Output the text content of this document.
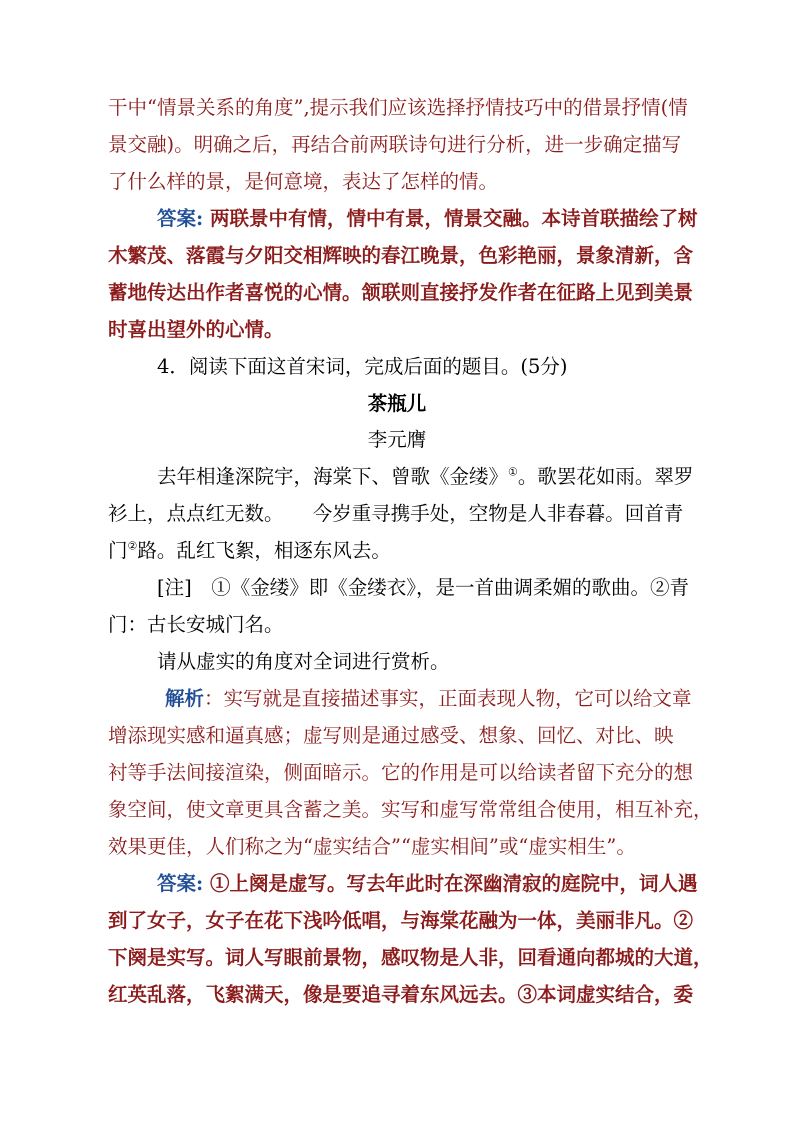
干中“情景关系的角度”,提示我们应该选择抒情技巧中的借景抒情(情
景交融)。明确之后，再结合前两联诗句进行分析，进一步确定描写
了什么样的景，是何意境，表达了怎样的情。
答案: 两联景中有情，情中有景，情景交融。本诗首联描绘了树
木繁茂、落霞与夕阳交相辉映的春江晚景，色彩艳丽，景象清新，含
蓄地传达出作者喜悦的心情。颔联则直接抒发作者在征路上见到美景
时喜出望外的心情。
4．阅读下面这首宋词，完成后面的题目。(5分)
茶瓶儿
李元膺
去年相逢深院宇，海棠下、曾歌《金缕》①。歌罢花如雨。翠罗
衫上，点点红无数。　　今岁重寻携手处，空物是人非春暮。回首青
门②路。乱红飞絮，相逐东风去。
[注]　①《金缕》即《金缕衣》，是一首曲调柔媚的歌曲。②青
门：古长安城门名。
请从虚实的角度对全词进行赏析。
解析：实写就是直接描述事实，正面表现人物，它可以给文章
增添现实感和逼真感；虚写则是通过感受、想象、回忆、对比、映
衬等手法间接渲染，侧面暗示。它的作用是可以给读者留下充分的想
象空间，使文章更具含蓄之美。实写和虚写常常组合使用，相互补充，
效果更佳，人们称之为“虚实结合”“虚实相间”或“虚实相生”。
答案: ①上阕是虚写。写去年此时在深幽清寂的庭院中，词人遇
到了女子，女子在花下浅吟低唱，与海棠花融为一体，美丽非凡。②
下阕是实写。词人写眼前景物，感叹物是人非，回看通向都城的大道，
红英乱落，飞絮满天，像是要追寻着东风远去。③本词虚实结合，委
